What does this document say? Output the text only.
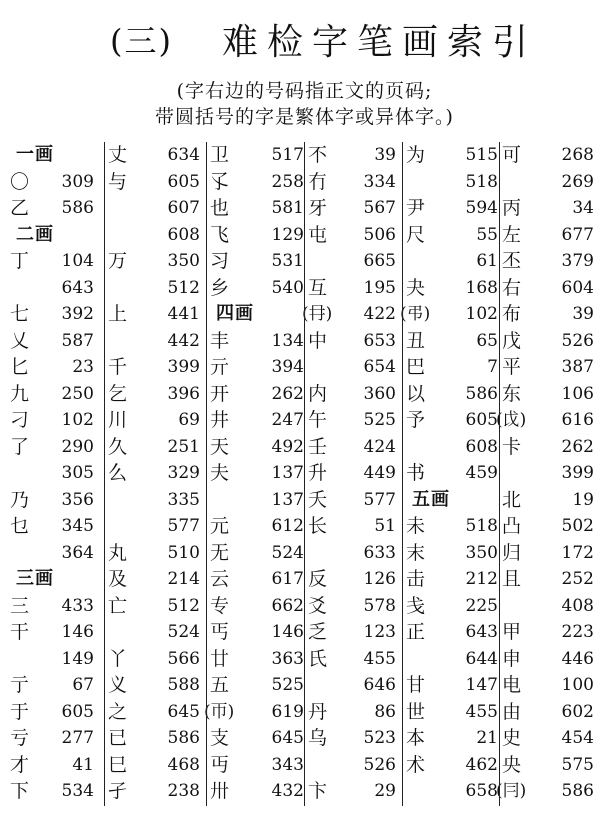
(三) 难检字笔画索引
(字右边的号码指正文的页码;
带圆括号的字是繁体字或异体字。)
一画
〇 309
乙 586
二画
丁 104
643
七 392
乂 587
匕	23
九 250
刁 102
了 290
305
乃 356
乜 345
364
三画
三 433
干 146
149
亍	67
于 605
亏 277
才	41
下 534
丈 634
与 605
607
608
万 350
512
上 441
442
千 399
乞 396
川	69
久 251
么 329
335
577
丸 510
及 214
亡 512
524
丫 566
义 588
之 645
已 586
巳 468
孑 238
卫	517
孓	258
也	581
飞	129
习	531
乡	540
四画
丰	134
亓	394
开	262
井	247
天	492
夫	137
137
元	612
无	524
云	617
专	662
丐	146
廿	363
五	525
(帀) 619
支	645
丏	343
卅	432
不	39
冇 334
牙 567
屯 506
665
互 195
(冄) 422
中 653
654
内 360
午 525
壬 424
升 449
夭 577
长	51
633
反 126
爻 578
乏 123
氏 455
646
丹	86
乌 523
526
卞	29
为 515
518
尹 594
尺	55
61
夬 168
(弔) 102
丑	65
巴	7
以 586
予 605
608
书 459
五画
未 518
末 350
击 212
戋 225
正 643
644
甘 147
世 455
本	21
术 462
658
可 268
269
丙	34
左 677
丕 379
右 604
布	39
戊 526
平 387
东 106
(戉) 616
卡 262
399
北	19
凸 502
归 172
且 252
408
甲 223
申 446
电 100
由 602
史 454
央 575
(冃) 586
